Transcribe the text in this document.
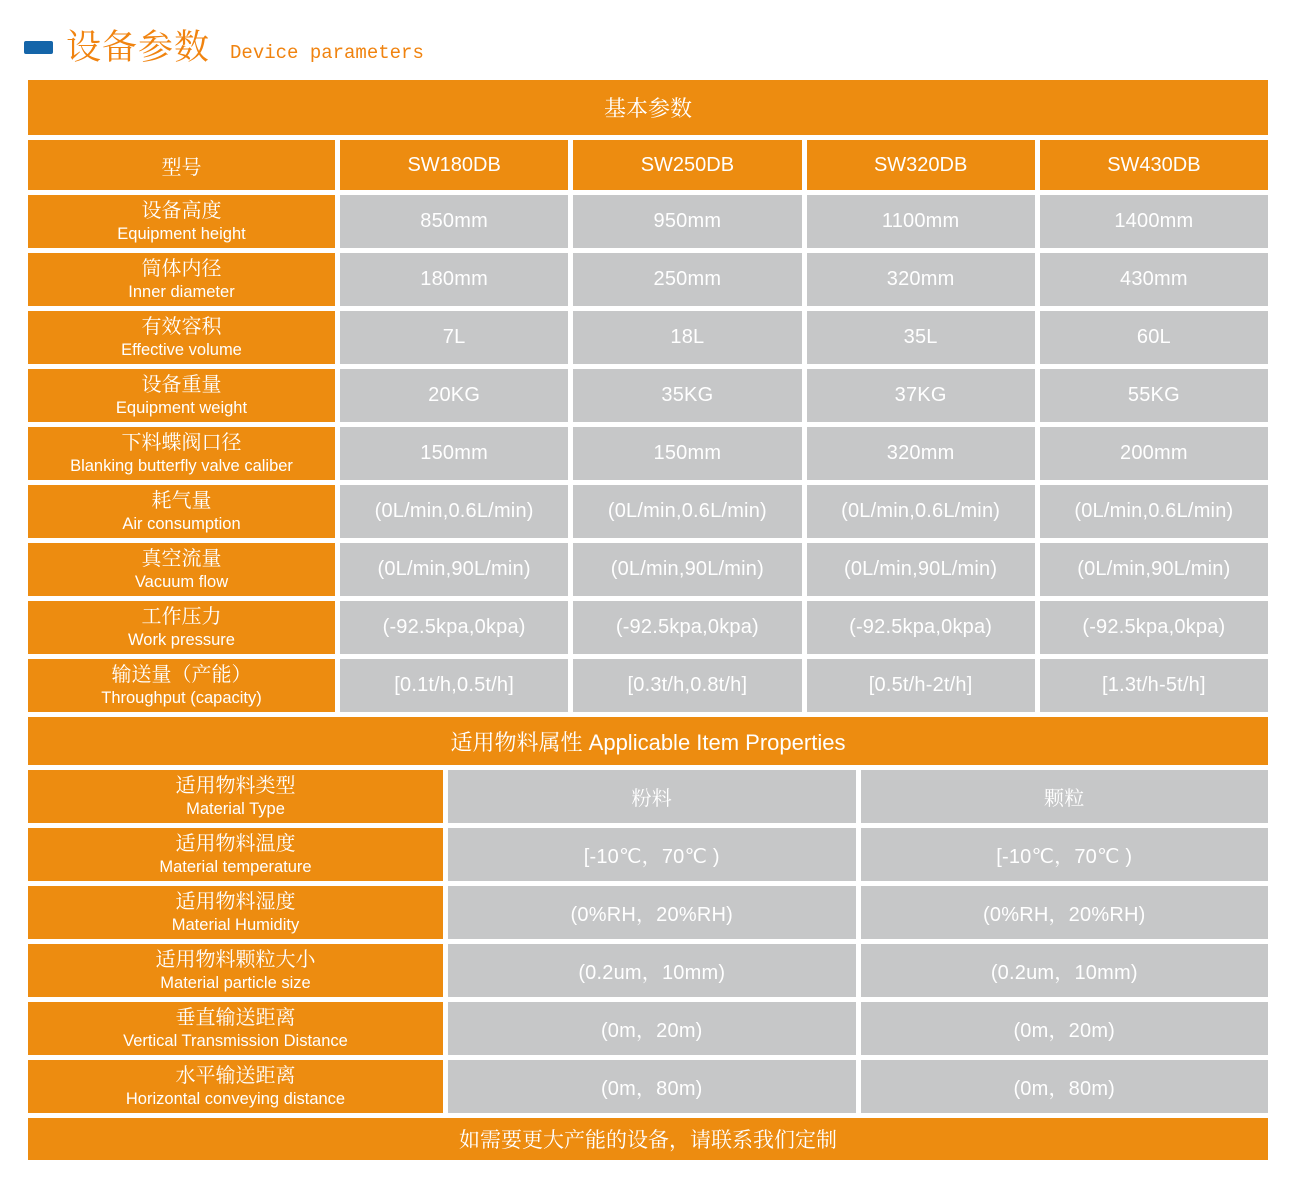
设备参数 Device parameters
基本参数
型号	SW180DB	SW250DB	SW320DB	SW430DB
设备高度
Equipment height
850mm	950mm	1100mm	1400mm
筒体内径
Inner diameter
180mm	250mm	320mm	430mm
有效容积
Effective volume
7L	18L	35L	60L
设备重量
Equipment weight
20KG	35KG	37KG	55KG
下料蝶阀口径
Blanking butterfly valve caliber
150mm	150mm	320mm	200mm
耗气量
Air consumption
(0L/min,0.6L/min)	(0L/min,0.6L/min)	(0L/min,0.6L/min)	(0L/min,0.6L/min)
真空流量
Vacuum flow
(0L/min,90L/min)	(0L/min,90L/min)	(0L/min,90L/min)	(0L/min,90L/min)
工作压力
Work pressure
(-92.5kpa,0kpa)	(-92.5kpa,0kpa)	(-92.5kpa,0kpa)	(-92.5kpa,0kpa)
输送量（产能）
Throughput (capacity)
[0.1t/h,0.5t/h]	[0.3t/h,0.8t/h]	[0.5t/h-2t/h]	[1.3t/h-5t/h]
适用物料属性 Applicable Item Properties
适用物料类型
Material Type	粉料	颗粒
适用物料温度
Material temperature	[-10℃，70℃ )	[-10℃，70℃ )
适用物料湿度
Material Humidity	(0%RH，20%RH)	(0%RH，20%RH)
适用物料颗粒大小
Material particle size	(0.2um，10mm)	(0.2um，10mm)
垂直输送距离
Vertical Transmission Distance	(0m，20m)	(0m，20m)
水平输送距离
Horizontal conveying distance	(0m，80m)	(0m，80m)
如需要更大产能的设备，请联系我们定制
